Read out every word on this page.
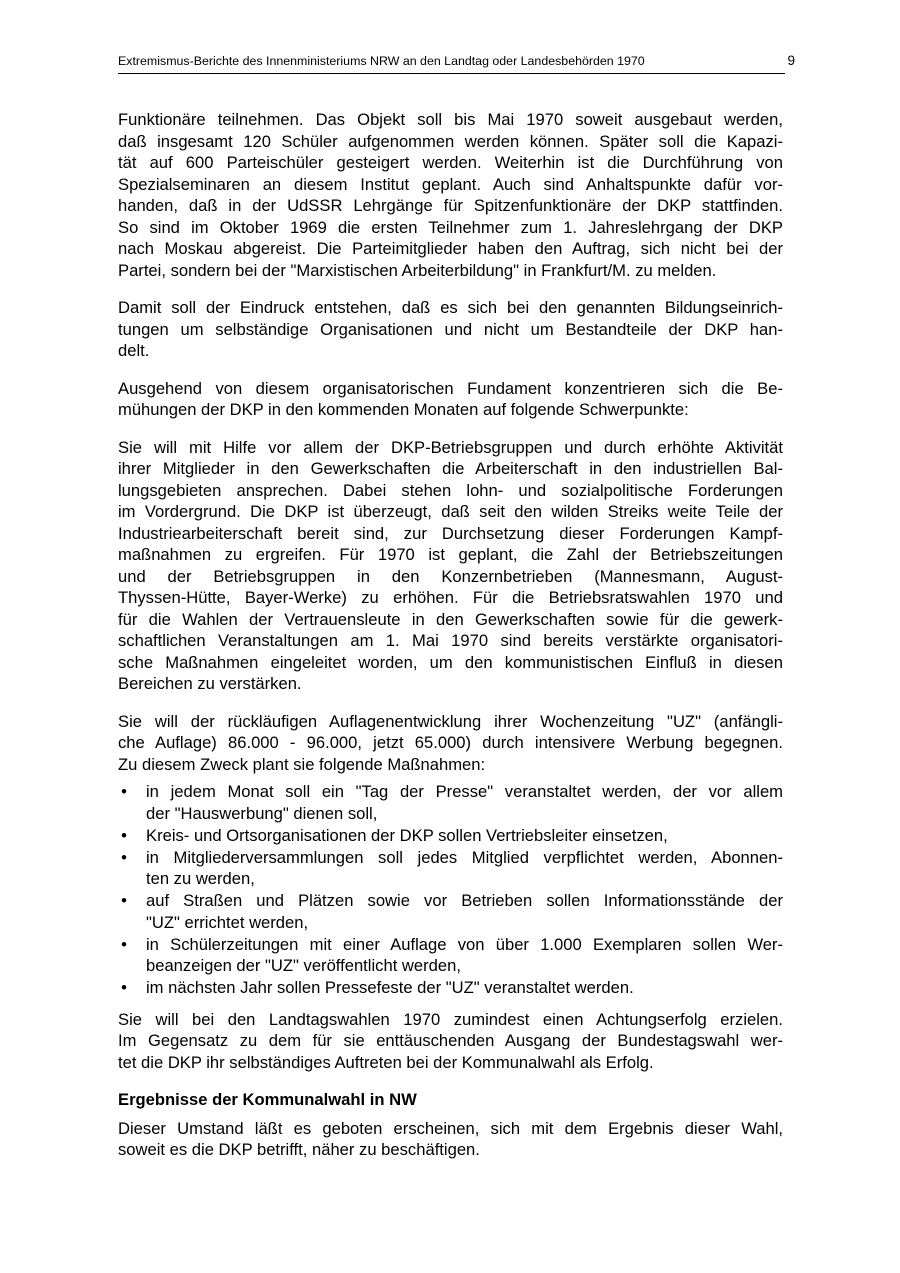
Extremismus-Berichte des Innenministeriums NRW an den Landtag oder Landesbehörden 1970	9
Funktionäre teilnehmen. Das Objekt soll bis Mai 1970 soweit ausgebaut werden,
daß insgesamt 120 Schüler aufgenommen werden können. Später soll die Kapazi-
tät auf 600 Parteischüler gesteigert werden. Weiterhin ist die Durchführung von
Spezialseminaren an diesem Institut geplant. Auch sind Anhaltspunkte dafür vor-
handen, daß in der UdSSR Lehrgänge für Spitzenfunktionäre der DKP stattfinden.
So sind im Oktober 1969 die ersten Teilnehmer zum 1. Jahreslehrgang der DKP
nach Moskau abgereist. Die Parteimitglieder haben den Auftrag, sich nicht bei der
Partei, sondern bei der "Marxistischen Arbeiterbildung" in Frankfurt/M. zu melden.
Damit soll der Eindruck entstehen, daß es sich bei den genannten Bildungseinrich-
tungen um selbständige Organisationen und nicht um Bestandteile der DKP han-
delt.
Ausgehend von diesem organisatorischen Fundament konzentrieren sich die Be-
mühungen der DKP in den kommenden Monaten auf folgende Schwerpunkte:
Sie will mit Hilfe vor allem der DKP-Betriebsgruppen und durch erhöhte Aktivität
ihrer Mitglieder in den Gewerkschaften die Arbeiterschaft in den industriellen Bal-
lungsgebieten ansprechen. Dabei stehen lohn- und sozialpolitische Forderungen
im Vordergrund. Die DKP ist überzeugt, daß seit den wilden Streiks weite Teile der
Industriearbeiterschaft bereit sind, zur Durchsetzung dieser Forderungen Kampf-
maßnahmen zu ergreifen. Für 1970 ist geplant, die Zahl der Betriebszeitungen
und der Betriebsgruppen in den Konzernbetrieben (Mannesmann, August-
Thyssen-Hütte, Bayer-Werke) zu erhöhen. Für die Betriebsratswahlen 1970 und
für die Wahlen der Vertrauensleute in den Gewerkschaften sowie für die gewerk-
schaftlichen Veranstaltungen am 1. Mai 1970 sind bereits verstärkte organisatori-
sche Maßnahmen eingeleitet worden, um den kommunistischen Einfluß in diesen
Bereichen zu verstärken.
Sie will der rückläufigen Auflagenentwicklung ihrer Wochenzeitung "UZ" (anfängli-
che Auflage) 86.000 - 96.000, jetzt 65.000) durch intensivere Werbung begegnen.
Zu diesem Zweck plant sie folgende Maßnahmen:
• in jedem Monat soll ein "Tag der Presse" veranstaltet werden, der vor allem
der "Hauswerbung" dienen soll,
• Kreis- und Ortsorganisationen der DKP sollen Vertriebsleiter einsetzen,
• in Mitgliederversammlungen soll jedes Mitglied verpflichtet werden, Abonnen-
ten zu werden,
• auf Straßen und Plätzen sowie vor Betrieben sollen Informationsstände der
"UZ" errichtet werden,
• in Schülerzeitungen mit einer Auflage von über 1.000 Exemplaren sollen Wer-
beanzeigen der "UZ" veröffentlicht werden,
• im nächsten Jahr sollen Pressefeste der "UZ" veranstaltet werden.
Sie will bei den Landtagswahlen 1970 zumindest einen Achtungserfolg erzielen.
Im Gegensatz zu dem für sie enttäuschenden Ausgang der Bundestagswahl wer-
tet die DKP ihr selbständiges Auftreten bei der Kommunalwahl als Erfolg.
Ergebnisse der Kommunalwahl in NW
Dieser Umstand läßt es geboten erscheinen, sich mit dem Ergebnis dieser Wahl,
soweit es die DKP betrifft, näher zu beschäftigen.
